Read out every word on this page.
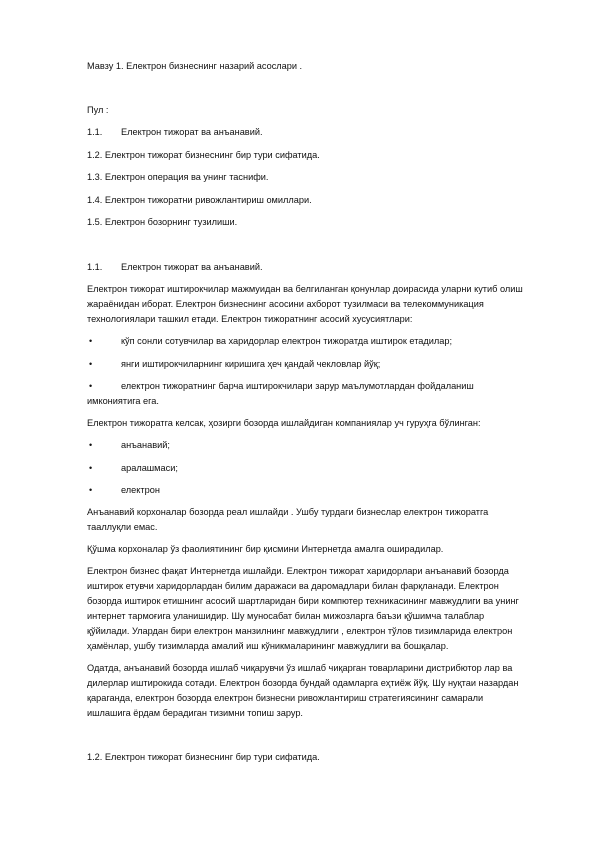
Мавзу 1. Електрон бизнеснинг назарий асослари .
Пул :
1.1. Електрон тижорат ва анъанавий.
1.2. Електрон тижорат бизнеснинг бир тури сифатида.
1.3. Електрон операция ва унинг таснифи.
1.4. Електрон тижоратни ривожлантириш омиллари.
1.5. Електрон бозорнинг тузилиши.
1.1. Електрон тижорат ва анъанавий.
Електрон тижорат иштирокчилар мажмуидан ва белгиланган қонунлар доирасида уларни кутиб олиш
жараёнидан иборат. Електрон бизнеснинг асосини ахборот тузилмаси ва телекоммуникация
технологиялари ташкил етади. Електрон тижоратнинг асосий хусусиятлари:
•	кўп сонли сотувчилар ва харидорлар електрон тижоратда иштирок етадилар;
•	янги иштирокчиларнинг киришига ҳеч қандай чекловлар йўқ;
•	електрон тижоратнинг барча иштирокчилари зарур маълумотлардан фойдаланиш
имкониятига ега.
Електрон тижоратга келсак, ҳозирги бозорда ишлайдиган компаниялар уч гуруҳга бўлинган:
•	анъанавий;
•	аралашмаси;
•	електрон
Анъанавий корхоналар бозорда реал ишлайди . Ушбу турдаги бизнеслар електрон тижоратга
тааллуқли емас.
Қўшма корхоналар ўз фаолиятининг бир қисмини Интернетда амалга оширадилар.
Електрон бизнес фақат Интернетда ишлайди. Електрон тижорат харидорлари анъанавий бозорда
иштирок етувчи харидорлардан билим даражаси ва даромадлари билан фарқланади. Електрон
бозорда иштирок етишнинг асосий шартларидан бири компютер техникасининг мавжудлиги ва унинг
интернет тармоғига уланишидир. Шу муносабат билан мижозларга баъзи қўшимча талаблар
қўйилади. Улардан бири електрон манзилнинг мавжудлиги , електрон тўлов тизимларида електрон
ҳамёнлар, ушбу тизимларда амалий иш кўникмаларининг мавжудлиги ва бошқалар.
Одатда, анъанавий бозорда ишлаб чиқарувчи ўз ишлаб чиқарган товарларини дистрибютор лар ва
дилерлар иштирокида сотади. Електрон бозорда бундай одамларга еҳтиёж йўқ. Шу нуқтаи назардан
қараганда, електрон бозорда електрон бизнесни ривожлантириш стратегиясининг самарали
ишлашига ёрдам берадиган тизимни топиш зарур.
1.2. Електрон тижорат бизнеснинг бир тури сифатида.
